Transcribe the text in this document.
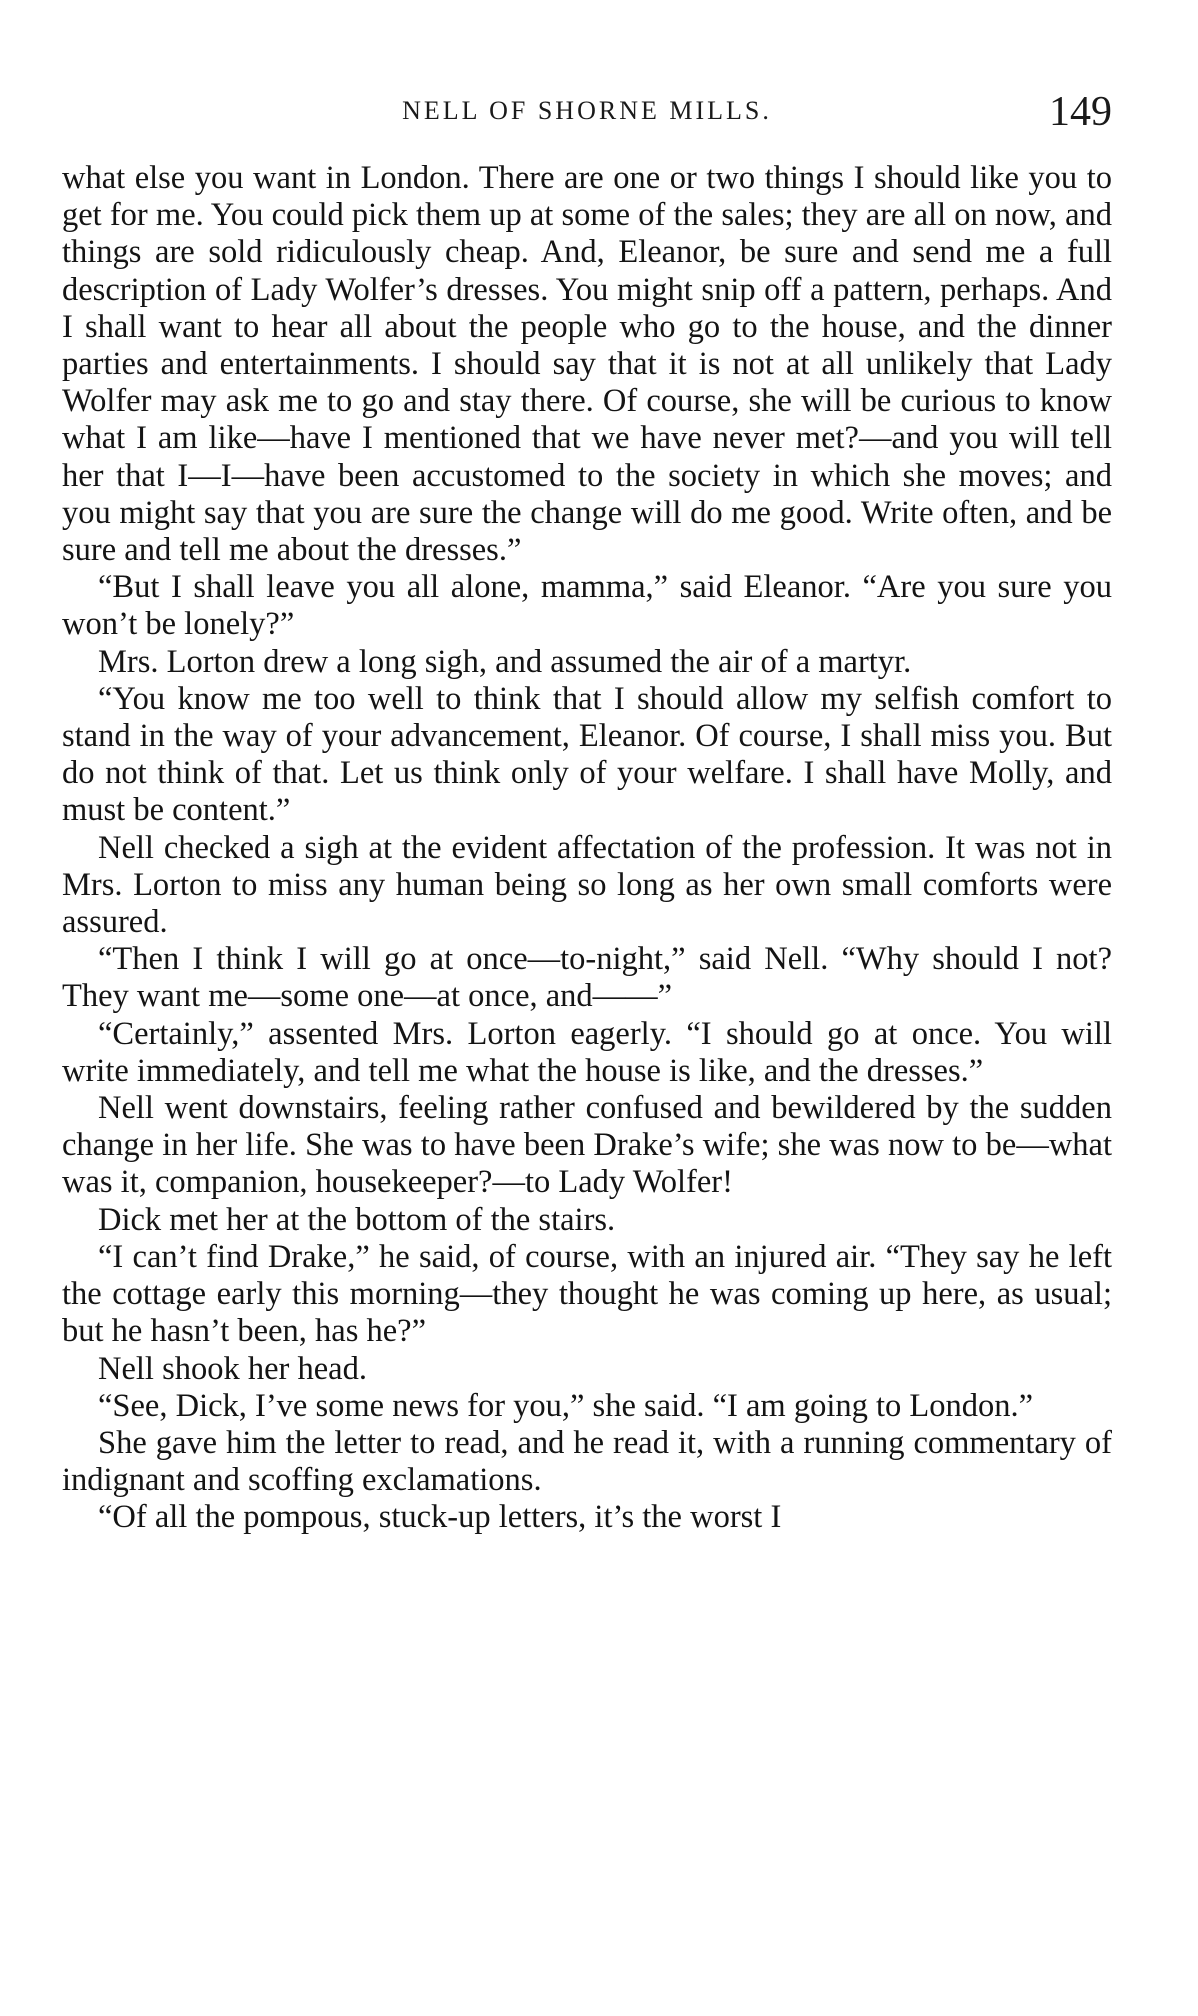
NELL OF SHORNE MILLS.	149

what else you want in London. There are one or two things I should like you to get for me. You could pick them up at some of the sales; they are all on now, and things are sold ridiculously cheap. And, Eleanor, be sure and send me a full description of Lady Wolfer’s dresses. You might snip off a pattern, perhaps. And I shall want to hear all about the people who go to the house, and the dinner parties and entertainments. I should say that it is not at all unlikely that Lady Wolfer may ask me to go and stay there. Of course, she will be curious to know what I am like—have I mentioned that we have never met?—and you will tell her that I—I—have been accustomed to the society in which she moves; and you might say that you are sure the change will do me good. Write often, and be sure and tell me about the dresses.”

“But I shall leave you all alone, mamma,” said Eleanor. “Are you sure you won’t be lonely?”

Mrs. Lorton drew a long sigh, and assumed the air of a martyr.

“You know me too well to think that I should allow my selfish comfort to stand in the way of your advancement, Eleanor. Of course, I shall miss you. But do not think of that. Let us think only of your welfare. I shall have Molly, and must be content.”

Nell checked a sigh at the evident affectation of the profession. It was not in Mrs. Lorton to miss any human being so long as her own small comforts were assured.

“Then I think I will go at once—to-night,” said Nell. “Why should I not? They want me—some one—at once, and——”

“Certainly,” assented Mrs. Lorton eagerly. “I should go at once. You will write immediately, and tell me what the house is like, and the dresses.”

Nell went downstairs, feeling rather confused and bewildered by the sudden change in her life. She was to have been Drake’s wife; she was now to be—what was it, companion, housekeeper?—to Lady Wolfer!

Dick met her at the bottom of the stairs.

“I can’t find Drake,” he said, of course, with an injured air. “They say he left the cottage early this morning—they thought he was coming up here, as usual; but he hasn’t been, has he?”

Nell shook her head.

“See, Dick, I’ve some news for you,” she said. “I am going to London.”

She gave him the letter to read, and he read it, with a running commentary of indignant and scoffing exclamations.

“Of all the pompous, stuck-up letters, it’s the worst I
